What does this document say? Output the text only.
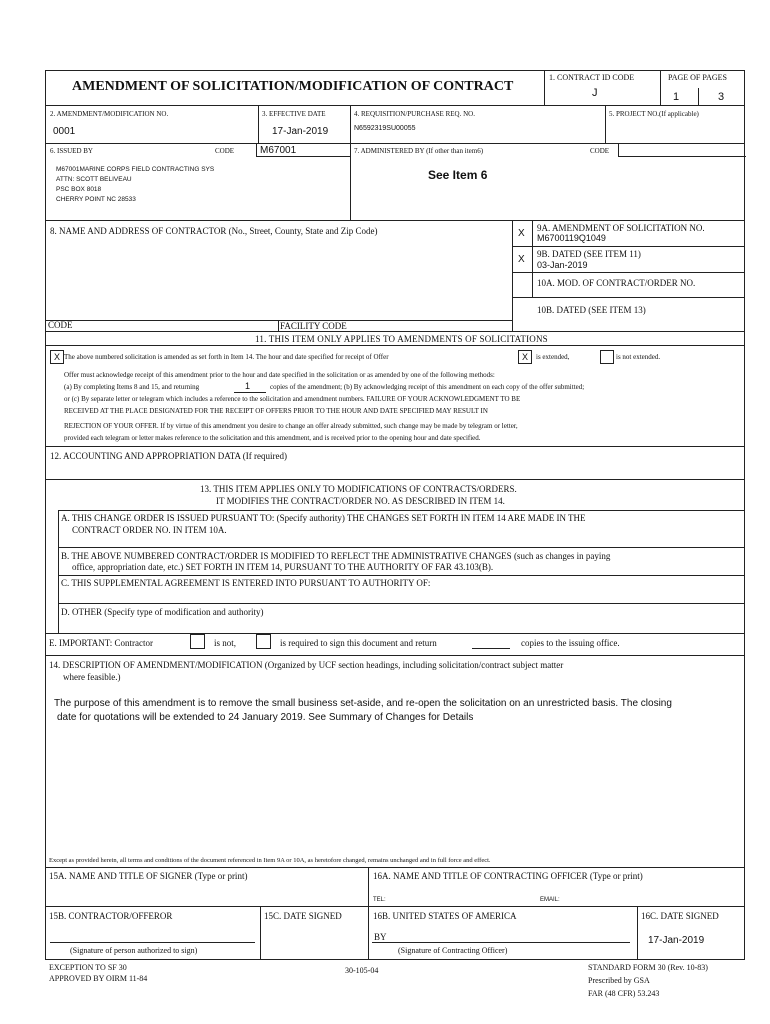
AMENDMENT OF SOLICITATION/MODIFICATION OF CONTRACT
1. CONTRACT ID CODE
J
PAGE OF PAGES
1	3
2. AMENDMENT/MODIFICATION NO.
0001
3. EFFECTIVE DATE
17-Jan-2019
4. REQUISITION/PURCHASE REQ. NO.
N6592319SU00055
5. PROJECT NO.(If applicable)
6. ISSUED BY	CODE	M67001	7. ADMINISTERED BY (If other than item6)	CODE
M67001MARINE CORPS FIELD CONTRACTING SYS
ATTN: SCOTT BELIVEAU
PSC BOX 8018
CHERRY POINT NC 28533
See Item 6
8. NAME AND ADDRESS OF CONTRACTOR (No., Street, County, State and Zip Code)	X 9A. AMENDMENT OF SOLICITATION NO.
M6700119Q1049
X 9B. DATED (SEE ITEM 11)
03-Jan-2019
10A. MOD. OF CONTRACT/ORDER NO.
10B. DATED (SEE ITEM 13)
CODE	FACILITY CODE
11. THIS ITEM ONLY APPLIES TO AMENDMENTS OF SOLICITATIONS
X The above numbered solicitation is amended as set forth in Item 14. The hour and date specified for receipt of Offer	X	is extended,	is not extended.
Offer must acknowledge receipt of this amendment prior to the hour and date specified in the solicitation or as amended by one of the following methods:
(a) By completing Items 8 and 15, and returning	1	copies of the amendment; (b) By acknowledging receipt of this amendment on each copy of the offer submitted;
or (c) By separate letter or telegram which includes a reference to the solicitation and amendment numbers. FAILURE OF YOUR ACKNOWLEDGMENT TO BE
RECEIVED AT THE PLACE DESIGNATED FOR THE RECEIPT OF OFFERS PRIOR TO THE HOUR AND DATE SPECIFIED MAY RESULT IN
REJECTION OF YOUR OFFER. If by virtue of this amendment you desire to change an offer already submitted, such change may be made by telegram or letter,
provided each telegram or letter makes reference to the solicitation and this amendment, and is received prior to the opening hour and date specified.
12. ACCOUNTING AND APPROPRIATION DATA (If required)
13. THIS ITEM APPLIES ONLY TO MODIFICATIONS OF CONTRACTS/ORDERS.
IT MODIFIES THE CONTRACT/ORDER NO. AS DESCRIBED IN ITEM 14.
A. THIS CHANGE ORDER IS ISSUED PURSUANT TO: (Specify authority) THE CHANGES SET FORTH IN ITEM 14 ARE MADE IN THE
CONTRACT ORDER NO. IN ITEM 10A.
B. THE ABOVE NUMBERED CONTRACT/ORDER IS MODIFIED TO REFLECT THE ADMINISTRATIVE CHANGES (such as changes in paying
office, appropriation date, etc.) SET FORTH IN ITEM 14, PURSUANT TO THE AUTHORITY OF FAR 43.103(B).
C. THIS SUPPLEMENTAL AGREEMENT IS ENTERED INTO PURSUANT TO AUTHORITY OF:
D. OTHER (Specify type of modification and authority)
E. IMPORTANT: Contractor	is not,	is required to sign this document and return	copies to the issuing office.
14. DESCRIPTION OF AMENDMENT/MODIFICATION (Organized by UCF section headings, including solicitation/contract subject matter
where feasible.)
The purpose of this amendment is to remove the small business set-aside, and re-open the solicitation on an unrestricted basis. The closing
date for quotations will be extended to 24 January 2019. See Summary of Changes for Details
Except as provided herein, all terms and conditions of the document referenced in Item 9A or 10A, as heretofore changed, remains unchanged and in full force and effect.
15A. NAME AND TITLE OF SIGNER (Type or print)	16A. NAME AND TITLE OF CONTRACTING OFFICER (Type or print)
TEL:	EMAIL:
15B. CONTRACTOR/OFFEROR	15C. DATE SIGNED	16B. UNITED STATES OF AMERICA	16C. DATE SIGNED
BY	17-Jan-2019
(Signature of person authorized to sign)	(Signature of Contracting Officer)
EXCEPTION TO SF 30
APPROVED BY OIRM 11-84
30-105-04	STANDARD FORM 30 (Rev. 10-83)
Prescribed by GSA
FAR (48 CFR) 53.243
